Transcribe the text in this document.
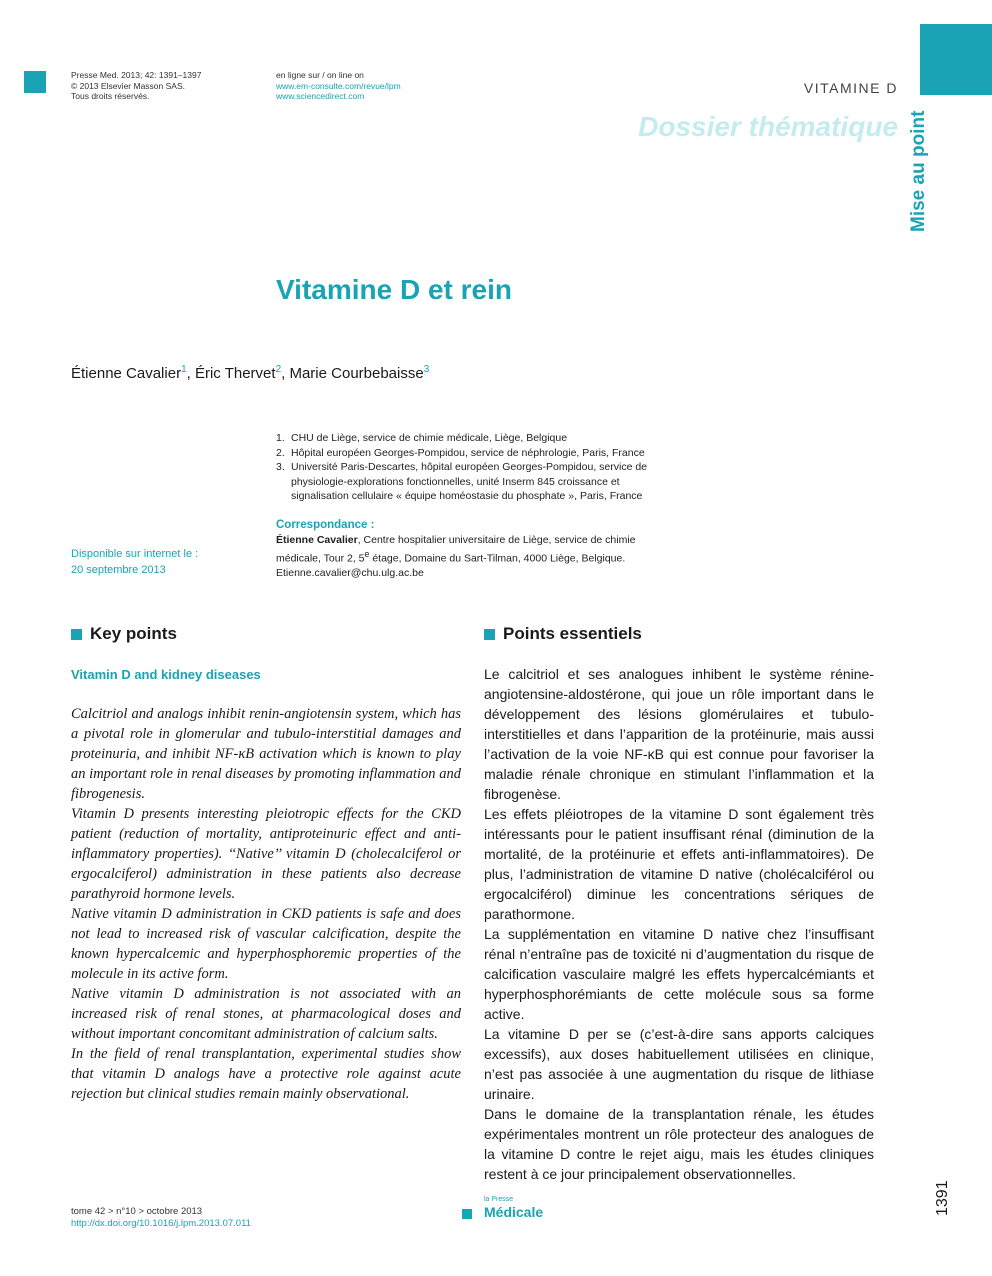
Presse Med. 2013; 42: 1391–1397
© 2013 Elsevier Masson SAS.
Tous droits réservés.
en ligne sur / on line on
www.em-consulte.com/revue/lpm
www.sciencedirect.com	VITAMINE D
Dossier thématique Mise au point
Vitamine D et rein
Étienne Cavalier$^1$, Éric Thervet$^2$, Marie Courbebaisse$^3$
1. CHU de Liège, service de chimie médicale, Liège, Belgique
2. Hôpital européen Georges-Pompidou, service de néphrologie, Paris, France
3. Université Paris-Descartes, hôpital européen Georges-Pompidou, service de physiologie-explorations fonctionnelles, unité Inserm 845 croissance et signalisation cellulaire « équipe homéostasie du phosphate », Paris, France
Disponible sur internet le :
20 septembre 2013
Correspondance :
Étienne Cavalier, Centre hospitalier universitaire de Liège, service de chimie médicale, Tour 2, 5e étage, Domaine du Sart-Tilman, 4000 Liège, Belgique.
Etienne.cavalier@chu.ulg.ac.be
Key points
Vitamin D and kidney diseases

Calcitriol and analogs inhibit renin-angiotensin system, which has a pivotal role in glomerular and tubulo-interstitial damages and proteinuria, and inhibit NF-κB activation which is known to play an important role in renal diseases by promoting inflammation and fibrogenesis.

Vitamin D presents interesting pleiotropic effects for the CKD patient (reduction of mortality, antiproteinuric effect and anti-inflammatory properties). ‘‘Native’’ vitamin D (cholecalciferol or ergocalciferol) administration in these patients also decrease parathyroid hormone levels.

Native vitamin D administration in CKD patients is safe and does not lead to increased risk of vascular calcification, despite the known hypercalcemic and hyperphosphoremic properties of the molecule in its active form.

Native vitamin D administration is not associated with an increased risk of renal stones, at pharmacological doses and without important concomitant administration of calcium salts.

In the field of renal transplantation, experimental studies show that vitamin D analogs have a protective role against acute rejection but clinical studies remain mainly observational.

Points essentiels

Le calcitriol et ses analogues inhibent le système rénine-angiotensine-aldostérone, qui joue un rôle important dans le développement des lésions glomérulaires et tubulo-interstitielles et dans l’apparition de la protéinurie, mais aussi l’activation de la voie NF-κB qui est connue pour favoriser la maladie rénale chronique en stimulant l’inflammation et la fibrogenèse.

Les effets pléiotropes de la vitamine D sont également très intéressants pour le patient insuffisant rénal (diminution de la mortalité, de la protéinurie et effets anti-inflammatoires). De plus, l’administration de vitamine D native (cholécalciférol ou ergocalciférol) diminue les concentrations sériques de parathormone.

La supplémentation en vitamine D native chez l’insuffisant rénal n’entraîne pas de toxicité ni d’augmentation du risque de calcification vasculaire malgré les effets hypercalcémiants et hyperphosphorémiants de cette molécule sous sa forme active.

La vitamine D per se (c’est-à-dire sans apports calciques excessifs), aux doses habituellement utilisées en clinique, n’est pas associée à une augmentation du risque de lithiase urinaire.

Dans le domaine de la transplantation rénale, les études expérimentales montrent un rôle protecteur des analogues de la vitamine D contre le rejet aigu, mais les études cliniques restent à ce jour principalement observationnelles.

tome 42 > n°10 > octobre 2013
http://dx.doi.org/10.1016/j.lpm.2013.07.011
la Presse
Médicale	1391
